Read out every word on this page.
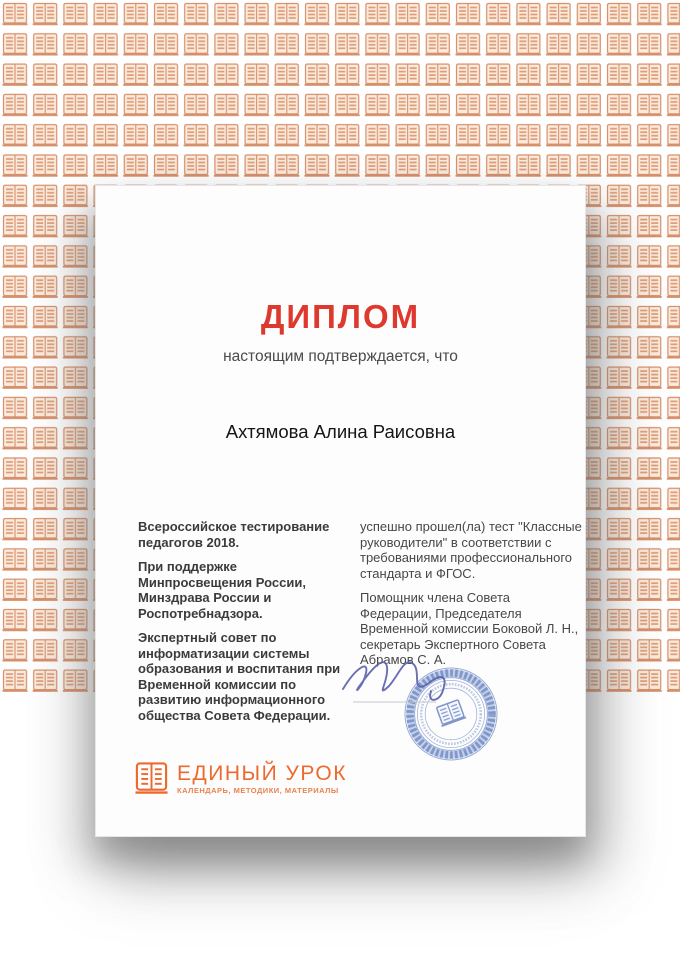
ДИПЛОМ
настоящим подтверждается, что
Ахтямова Алина Раисовна

Всероссийское тестирование педагогов 2018.

При поддержке Минпросвещения России, Минздрава России и Роспотребнадзора.

Экспертный совет по информатизации системы образования и воспитания при Временной комиссии по развитию информационного общества Совета Федерации.

успешно прошел(ла) тест "Классные руководители" в соответствии с требованиями профессионального стандарта и ФГОС.

Помощник члена Совета Федерации, Председателя Временной комиссии Боковой Л. Н., секретарь Экспертного Совета Абрамов С. А.

ЕДИНЫЙ УРОК
КАЛЕНДАРЬ, МЕТОДИКИ, МАТЕРИАЛЫ
